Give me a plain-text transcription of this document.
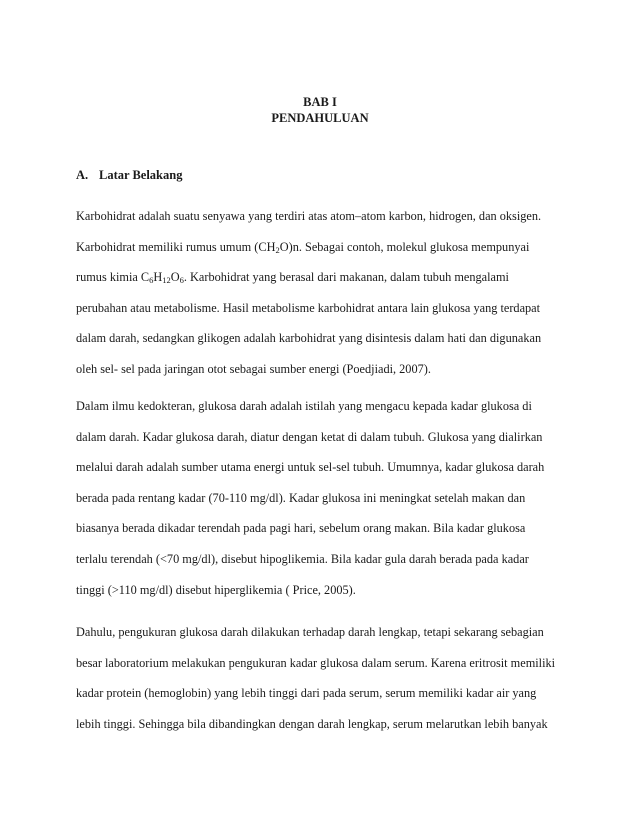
BAB I
PENDAHULUAN
A. Latar Belakang
Karbohidrat adalah suatu senyawa yang terdiri atas atom–atom karbon, hidrogen, dan oksigen.
Karbohidrat memiliki rumus umum $(CH_2O)n$. Sebagai contoh, molekul glukosa mempunyai
rumus kimia $C_6H_{12}O_6$. Karbohidrat yang berasal dari makanan, dalam tubuh mengalami
perubahan atau metabolisme. Hasil metabolisme karbohidrat antara lain glukosa yang terdapat
dalam darah, sedangkan glikogen adalah karbohidrat yang disintesis dalam hati dan digunakan
oleh sel- sel pada jaringan otot sebagai sumber energi (Poedjiadi, 2007).
Dalam ilmu kedokteran, glukosa darah adalah istilah yang mengacu kepada kadar glukosa di
dalam darah. Kadar glukosa darah, diatur dengan ketat di dalam tubuh. Glukosa yang dialirkan
melalui darah adalah sumber utama energi untuk sel-sel tubuh. Umumnya, kadar glukosa darah
berada pada rentang kadar (70-110 mg/dl). Kadar glukosa ini meningkat setelah makan dan
biasanya berada dikadar terendah pada pagi hari, sebelum orang makan. Bila kadar glukosa
terlalu terendah (<70 mg/dl), disebut hipoglikemia. Bila kadar gula darah berada pada kadar
tinggi (>110 mg/dl) disebut hiperglikemia ( Price, 2005).
Dahulu, pengukuran glukosa darah dilakukan terhadap darah lengkap, tetapi sekarang sebagian
besar laboratorium melakukan pengukuran kadar glukosa dalam serum. Karena eritrosit memiliki
kadar protein (hemoglobin) yang lebih tinggi dari pada serum, serum memiliki kadar air yang
lebih tinggi. Sehingga bila dibandingkan dengan darah lengkap, serum melarutkan lebih banyak
